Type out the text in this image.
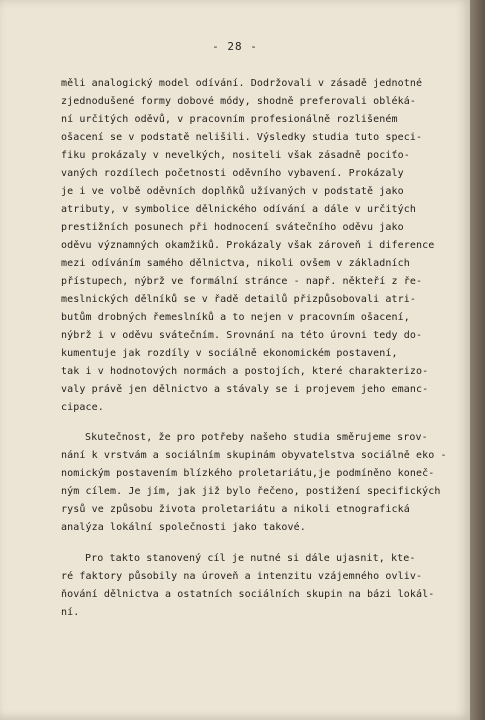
- 28 -
měli analogický model odívání. Dodržovali v zásadě jednotné
zjednodušené formy dobové módy, shodně preferovali obléká-
ní určitých oděvů, v pracovním profesionálně rozlišeném
ošacení se v podstatě nelišili. Výsledky studia tuto speci-
fiku prokázaly v nevelkých, nositeli však zásadně pociťo-
vaných rozdílech početnosti oděvního vybavení. Prokázaly
je i ve volbě oděvních doplňků užívaných v podstatě jako
atributy, v symbolice dělnického odívání a dále v určitých
prestižních posunech při hodnocení svátečního oděvu jako
oděvu významných okamžiků. Prokázaly však zároveň i diference
mezi odíváním samého dělnictva, nikoli ovšem v základních
přístupech, nýbrž ve formální stránce - např. někteří z ře-
meslnických dělníků se v řadě detailů přizpůsobovali atri-
butům drobných řemeslníků a to nejen v pracovním ošacení,
nýbrž i v oděvu svátečním. Srovnání na této úrovni tedy do-
kumentuje jak rozdíly v sociálně ekonomickém postavení,
tak i v hodnotových normách a postojích, které charakterizo-
valy právě jen dělnictvo a stávaly se i projevem jeho emanc-
cipace.
Skutečnost, že pro potřeby našeho studia směrujeme srov-
nání k vrstvám a sociálním skupinám obyvatelstva sociálně eko -
nomickým postavením blízkého proletariátu,je podmíněno koneč-
ným cílem. Je jím, jak již bylo řečeno, postižení specifických
rysů ve způsobu života proletariátu a nikoli etnografická
analýza lokální společnosti jako takové.
Pro takto stanovený cíl je nutné si dále ujasnit, kte-
ré faktory působily na úroveň a intenzitu vzájemného ovliv-
ňování dělnictva a ostatních sociálních skupin na bázi lokál-
ní.
